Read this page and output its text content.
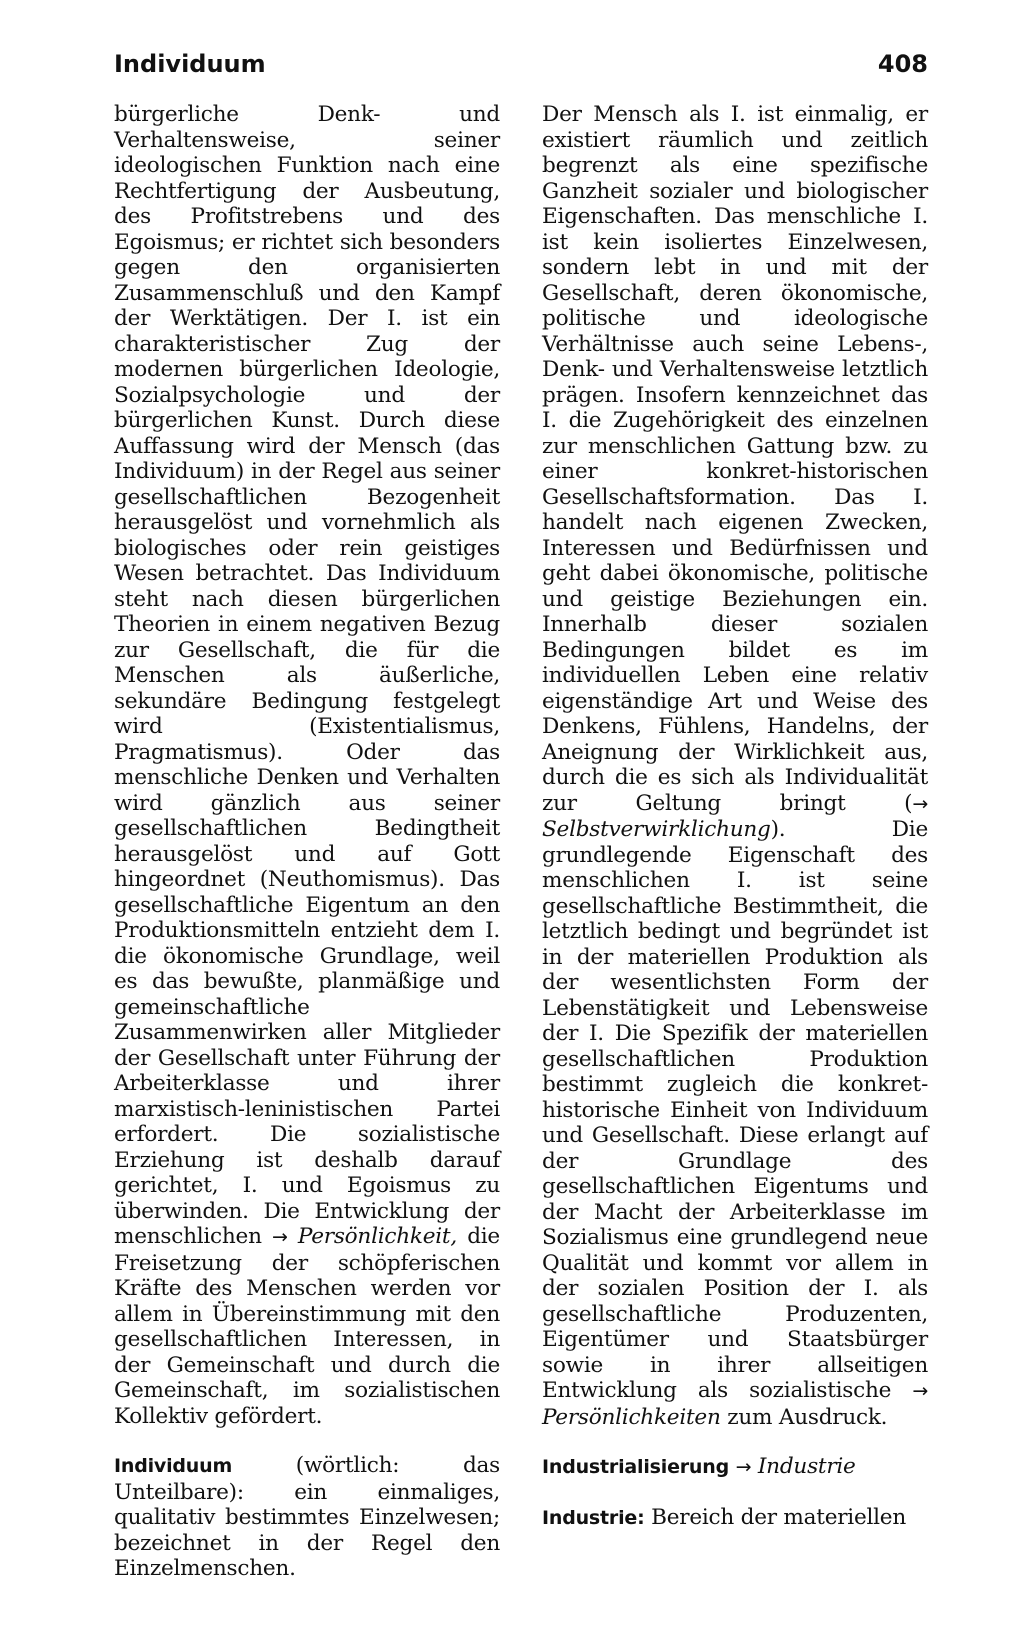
Individuum	408

bürgerliche Denk- und Verhaltensweise, seiner ideologischen Funktion nach eine Rechtfertigung der Ausbeutung, des Profitstrebens und des Egoismus; er richtet sich besonders gegen den organisierten Zusammenschluß und den Kampf der Werktätigen. Der I. ist ein charakteristischer Zug der modernen bürgerlichen Ideologie, Sozialpsychologie und der bürgerlichen Kunst. Durch diese Auffassung wird der Mensch (das Individuum) in der Regel aus seiner gesellschaftlichen Bezogenheit herausgelöst und vornehmlich als biologisches oder rein geistiges Wesen betrachtet. Das Individuum steht nach diesen bürgerlichen Theorien in einem negativen Bezug zur Gesellschaft, die für die Menschen als äußerliche, sekundäre Bedingung festgelegt wird (Existentialismus, Pragmatismus). Oder das menschliche Denken und Verhalten wird gänzlich aus seiner gesellschaftlichen Bedingtheit herausgelöst und auf Gott hingeordnet (Neuthomismus). Das gesellschaftliche Eigentum an den Produktionsmitteln entzieht dem I. die ökonomische Grundlage, weil es das bewußte, planmäßige und gemeinschaftliche Zusammenwirken aller Mitglieder der Gesellschaft unter Führung der Arbeiterklasse und ihrer marxistisch-leninistischen Partei erfordert. Die sozialistische Erziehung ist deshalb darauf gerichtet, I. und Egoismus zu überwinden. Die Entwicklung der menschlichen → Persönlichkeit, die Freisetzung der schöpferischen Kräfte des Menschen werden vor allem in Übereinstimmung mit den gesellschaftlichen Interessen, in der Gemeinschaft und durch die Gemeinschaft, im sozialistischen Kollektiv gefördert.

Individuum	(wörtlich: das Unteilbare): ein einmaliges, qualitativ bestimmtes Einzelwesen; bezeichnet in der Regel den Einzelmenschen.

Der Mensch als I. ist einmalig, er existiert räumlich und zeitlich begrenzt als eine spezifische Ganzheit sozialer und biologischer Eigenschaften. Das menschliche I. ist kein isoliertes Einzelwesen, sondern lebt in und mit der Gesellschaft, deren ökonomische, politische und ideologische Verhältnisse auch seine Lebens-, Denk- und Verhaltensweise letztlich prägen. Insofern kennzeichnet das I. die Zugehörigkeit des einzelnen zur menschlichen Gattung bzw. zu einer konkret-historischen Gesellschaftsformation. Das I. handelt nach eigenen Zwecken, Interessen und Bedürfnissen und geht dabei ökonomische, politische und geistige Beziehungen ein. Innerhalb dieser sozialen Bedingungen bildet es im individuellen Leben eine relativ eigenständige Art und Weise des Denkens, Fühlens, Handelns, der Aneignung der Wirklichkeit aus, durch die es sich als Individualität zur Geltung bringt (→ Selbstverwirklichung). Die grundlegende Eigenschaft des menschlichen I. ist seine gesellschaftliche Bestimmtheit, die letztlich bedingt und begründet ist in der materiellen Produktion als der wesentlichsten Form der Lebenstätigkeit und Lebensweise der I. Die Spezifik der materiellen gesellschaftlichen Produktion bestimmt zugleich die konkret-historische Einheit von Individuum und Gesellschaft. Diese erlangt auf der Grundlage des gesellschaftlichen Eigentums und der Macht der Arbeiterklasse im Sozialismus eine grundlegend neue Qualität und kommt vor allem in der sozialen Position der I. als gesellschaftliche Produzenten, Eigentümer und Staatsbürger sowie in ihrer allseitigen Entwicklung als sozialistische → Persönlichkeiten zum Ausdruck.

Industrialisierung → Industrie

Industrie: Bereich der materiellen
